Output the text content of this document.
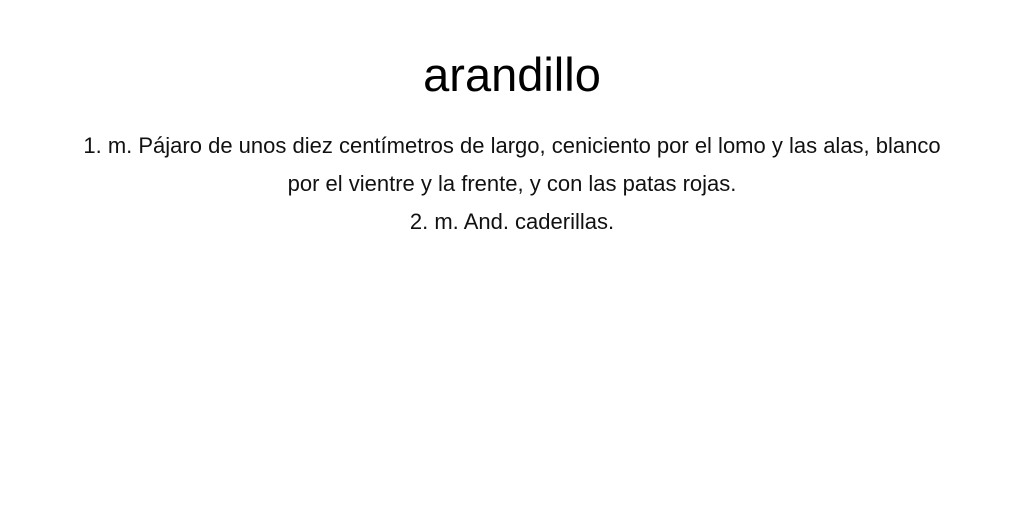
arandillo
1. m. Pájaro de unos diez centímetros de largo, ceniciento por el lomo y las alas, blanco por el vientre y la frente, y con las patas rojas.
2. m. And. caderillas.
